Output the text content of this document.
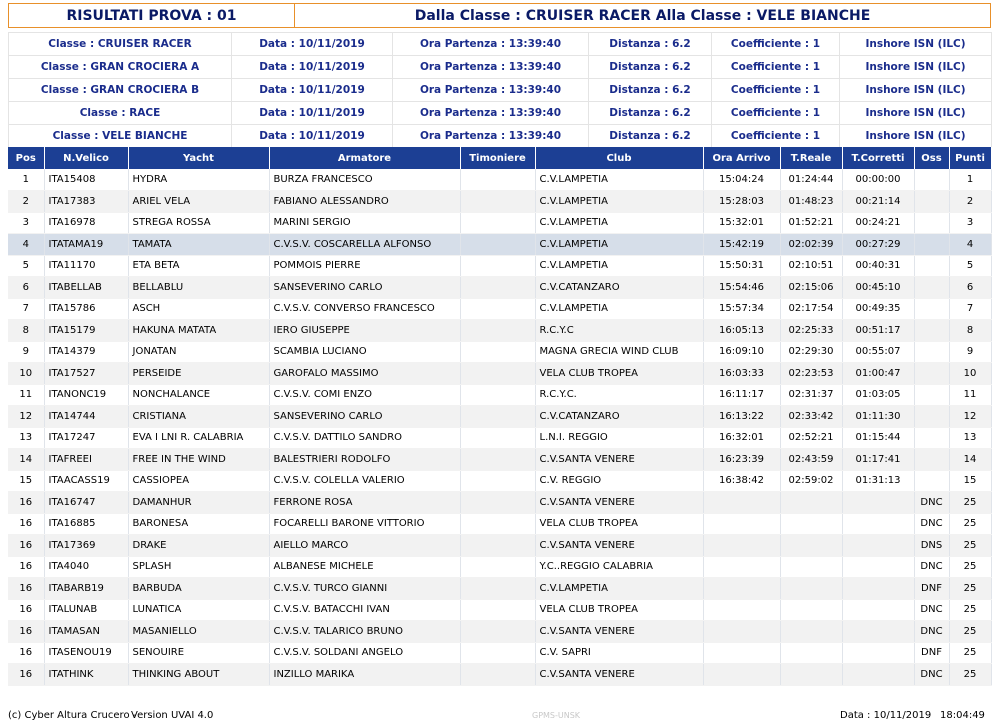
RISULTATI PROVA : 01	Dalla Classe : CRUISER RACER Alla Classe : VELE BIANCHE
Classe : CRUISER RACER	Data : 10/11/2019	Ora Partenza : 13:39:40	Distanza : 6.2	Coefficiente : 1	Inshore ISN (ILC)
Classe : GRAN CROCIERA A	Data : 10/11/2019	Ora Partenza : 13:39:40	Distanza : 6.2	Coefficiente : 1	Inshore ISN (ILC)
Classe : GRAN CROCIERA B	Data : 10/11/2019	Ora Partenza : 13:39:40	Distanza : 6.2	Coefficiente : 1	Inshore ISN (ILC)
Classe : RACE	Data : 10/11/2019	Ora Partenza : 13:39:40	Distanza : 6.2	Coefficiente : 1	Inshore ISN (ILC)
Classe : VELE BIANCHE	Data : 10/11/2019	Ora Partenza : 13:39:40	Distanza : 6.2	Coefficiente : 1	Inshore ISN (ILC)
Pos	N.Velico	Yacht	Armatore	Timoniere	Club	Ora Arrivo	T.Reale	T.Corretti	Oss	Punti
1	ITA15408	HYDRA	BURZA FRANCESCO		C.V.LAMPETIA	15:04:24	01:24:44	00:00:00		1
2	ITA17383	ARIEL VELA	FABIANO ALESSANDRO		C.V.LAMPETIA	15:28:03	01:48:23	00:21:14		2
3	ITA16978	STREGA ROSSA	MARINI SERGIO		C.V.LAMPETIA	15:32:01	01:52:21	00:24:21		3
4	ITATAMA19	TAMATA	C.V.S.V. COSCARELLA ALFONSO		C.V.LAMPETIA	15:42:19	02:02:39	00:27:29		4
5	ITA11170	ETA BETA	POMMOIS PIERRE		C.V.LAMPETIA	15:50:31	02:10:51	00:40:31		5
6	ITABELLAB	BELLABLU	SANSEVERINO CARLO		C.V.CATANZARO	15:54:46	02:15:06	00:45:10		6
7	ITA15786	ASCH	C.V.S.V. CONVERSO FRANCESCO		C.V.LAMPETIA	15:57:34	02:17:54	00:49:35		7
8	ITA15179	HAKUNA MATATA	IERO GIUSEPPE		R.C.Y.C	16:05:13	02:25:33	00:51:17		8
9	ITA14379	JONATAN	SCAMBIA LUCIANO		MAGNA GRECIA WIND CLUB	16:09:10	02:29:30	00:55:07		9
10	ITA17527	PERSEIDE	GAROFALO MASSIMO		VELA CLUB TROPEA	16:03:33	02:23:53	01:00:47		10
11	ITANONC19	NONCHALANCE	C.V.S.V. COMI ENZO		R.C.Y.C.	16:11:17	02:31:37	01:03:05		11
12	ITA14744	CRISTIANA	SANSEVERINO CARLO		C.V.CATANZARO	16:13:22	02:33:42	01:11:30		12
13	ITA17247	EVA I LNI R. CALABRIA	C.V.S.V. DATTILO SANDRO		L.N.I. REGGIO	16:32:01	02:52:21	01:15:44		13
14	ITAFREEI	FREE IN THE WIND	BALESTRIERI RODOLFO		C.V.SANTA VENERE	16:23:39	02:43:59	01:17:41		14
15	ITAACASS19	CASSIOPEA	C.V.S.V. COLELLA VALERIO		C.V. REGGIO	16:38:42	02:59:02	01:31:13		15
16	ITA16747	DAMANHUR	FERRONE ROSA		C.V.SANTA VENERE				DNC	25
16	ITA16885	BARONESA	FOCARELLI BARONE VITTORIO		VELA CLUB TROPEA				DNC	25
16	ITA17369	DRAKE	AIELLO MARCO		C.V.SANTA VENERE				DNS	25
16	ITA4040	SPLASH	ALBANESE MICHELE		Y.C..REGGIO CALABRIA				DNC	25
16	ITABARB19	BARBUDA	C.V.S.V. TURCO GIANNI		C.V.LAMPETIA				DNF	25
16	ITALUNAB	LUNATICA	C.V.S.V. BATACCHI IVAN		VELA CLUB TROPEA				DNC	25
16	ITAMASAN	MASANIELLO	C.V.S.V. TALARICO BRUNO		C.V.SANTA VENERE				DNC	25
16	ITASENOU19	SENOUIRE	C.V.S.V. SOLDANI ANGELO		C.V. SAPRI				DNF	25
16	ITATHINK	THINKING ABOUT	INZILLO MARIKA		C.V.SANTA VENERE				DNC	25
(c) Cyber Altura Crucero -
Version UVAI 4.0	GPMS-UNSK	Data : 10/11/2019 18:04:49
